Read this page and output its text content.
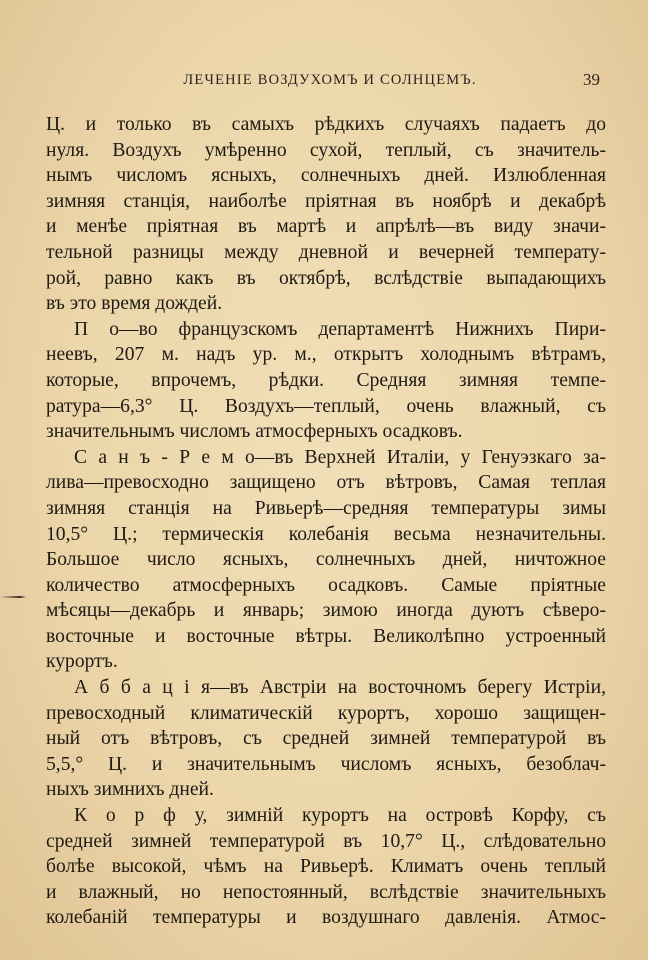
ЛЕЧЕНIЕ ВОЗДУХОМЪ И СОЛНЦЕМЪ.	39
Ц. и только въ самыхъ рѣдкихъ случаяхъ падаетъ до
нуля. Воздухъ умѣренно сухой, теплый, съ значитель-
нымъ числомъ ясныхъ, солнечныхъ дней. Излюбленная
зимняя станція, наиболѣе пріятная въ ноябрѣ и декабрѣ
и менѣе пріятная въ мартѣ и апрѣлѣ—въ виду значи-
тельной разницы между дневной и вечерней температу-
рой, равно какъ въ октябрѣ, вслѣдствіе выпадающихъ
въ это время дождей.
П о—во французскомъ департаментѣ Нижнихъ Пири-
неевъ, 207 м. надъ ур. м., открытъ холоднымъ вѣтрамъ,
которые, впрочемъ, рѣдки. Средняя зимняя темпе-
ратура—6,3° Ц. Воздухъ—теплый, очень влажный, съ
значительнымъ числомъ атмосферныхъ осадковъ.
С а н ъ - Р е м о—въ Верхней Италіи, у Генуэзкаго за-
лива—превосходно защищено отъ вѣтровъ, Самая теплая
зимняя станція на Ривьерѣ—средняя температуры зимы
10,5° Ц.; термическія колебанія весьма незначительны.
Большое число ясныхъ, солнечныхъ дней, ничтожное
количество атмосферныхъ осадковъ. Самые пріятные
мѣсяцы—декабрь и январь; зимою иногда дуютъ сѣверо-
восточные и восточные вѣтры. Великолѣпно устроенный
курортъ.
А б б а ц і я—въ Австріи на восточномъ берегу Истріи,
превосходный климатическій курортъ, хорошо защищен-
ный отъ вѣтровъ, съ средней зимней температурой въ
5,5,° Ц. и значительнымъ числомъ ясныхъ, безоблач-
ныхъ зимнихъ дней.
К о р ф у, зимній курортъ на островѣ Корфу, съ
средней зимней температурой въ 10,7° Ц., слѣдовательно
болѣе высокой, чѣмъ на Ривьерѣ. Климатъ очень теплый
и влажный, но непостоянный, вслѣдствіе значительныхъ
колебаній температуры и воздушнаго давленія. Атмос-
